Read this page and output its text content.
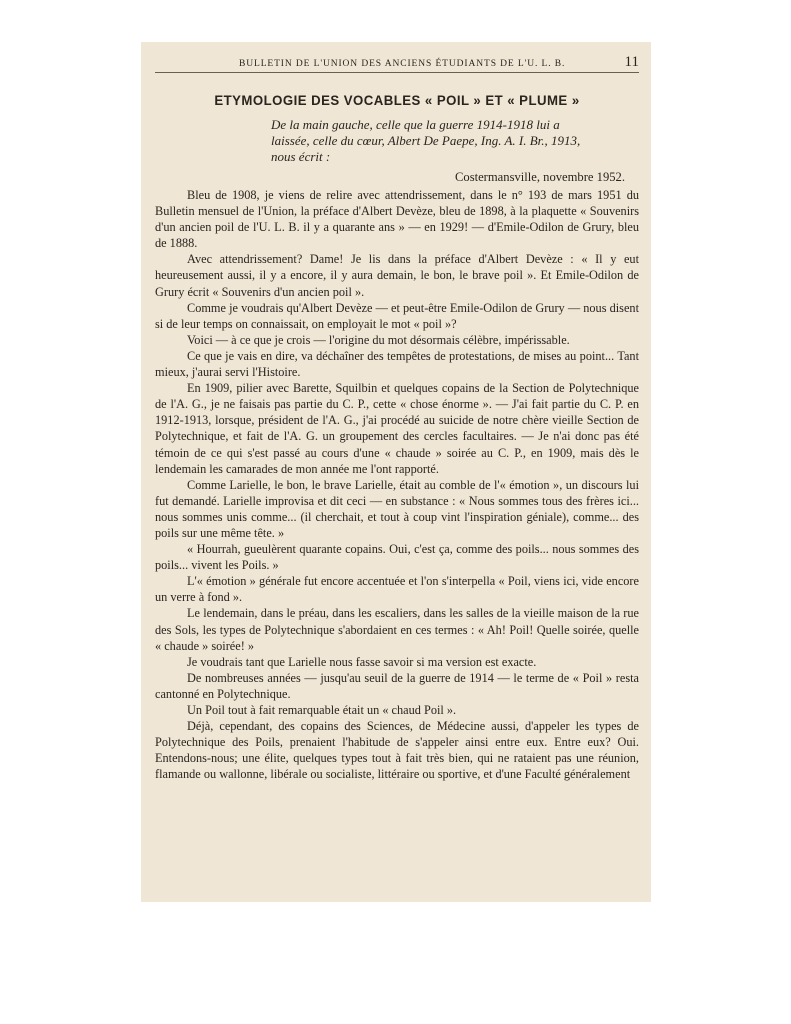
BULLETIN DE L'UNION DES ANCIENS ÉTUDIANTS DE L'U. L. B.	11
ETYMOLOGIE DES VOCABLES « POIL » ET « PLUME »
De la main gauche, celle que la guerre 1914-1918 lui a
laissée, celle du cœur, Albert De Paepe, Ing. A. I. Br., 1913,
nous écrit :
Costermansville, novembre 1952.

Bleu de 1908, je viens de relire avec attendrissement, dans le n° 193 de mars 1951 du Bulletin mensuel de l'Union, la préface d'Albert Devèze, bleu de 1898, à la plaquette « Souvenirs d'un ancien poil de l'U. L. B. il y a quarante ans » — en 1929! — d'Emile-Odilon de Grury, bleu de 1888.

Avec attendrissement? Dame! Je lis dans la préface d'Albert Devèze : « Il y eut heureusement aussi, il y a encore, il y aura demain, le bon, le brave poil ». Et Emile-Odilon de Grury écrit « Souvenirs d'un ancien poil ».

Comme je voudrais qu'Albert Devèze — et peut-être Emile-Odilon de Grury — nous disent si de leur temps on connaissait, on employait le mot « poil »?

Voici — à ce que je crois — l'origine du mot désormais célèbre, impérissable.

Ce que je vais en dire, va déchaîner des tempêtes de protestations, de mises au point... Tant mieux, j'aurai servi l'Histoire.

En 1909, pilier avec Barette, Squilbin et quelques copains de la Section de Polytechnique de l'A. G., je ne faisais pas partie du C. P., cette « chose énorme ». — J'ai fait partie du C. P. en 1912-1913, lorsque, président de l'A. G., j'ai procédé au suicide de notre chère vieille Section de Polytechnique, et fait de l'A. G. un groupement des cercles facultaires. — Je n'ai donc pas été témoin de ce qui s'est passé au cours d'une « chaude » soirée au C. P., en 1909, mais dès le lendemain les camarades de mon année me l'ont rapporté.

Comme Larielle, le bon, le brave Larielle, était au comble de l'« émotion », un discours lui fut demandé. Larielle improvisa et dit ceci — en substance : « Nous sommes tous des frères ici... nous sommes unis comme... (il cherchait, et tout à coup vint l'inspiration géniale), comme... des poils sur une même tête. »

« Hourrah, gueulèrent quarante copains. Oui, c'est ça, comme des poils... nous sommes des poils... vivent les Poils. »

L'« émotion » générale fut encore accentuée et l'on s'interpella « Poil, viens ici, vide encore un verre à fond ».

Le lendemain, dans le préau, dans les escaliers, dans les salles de la vieille maison de la rue des Sols, les types de Polytechnique s'abordaient en ces termes : « Ah! Poil! Quelle soirée, quelle « chaude » soirée! »

Je voudrais tant que Larielle nous fasse savoir si ma version est exacte.

De nombreuses années — jusqu'au seuil de la guerre de 1914 — le terme de « Poil » resta cantonné en Polytechnique.

Un Poil tout à fait remarquable était un « chaud Poil ».

Déjà, cependant, des copains des Sciences, de Médecine aussi, d'appeler les types de Polytechnique des Poils, prenaient l'habitude de s'appeler ainsi entre eux. Entre eux? Oui. Entendons-nous; une élite, quelques types tout à fait très bien, qui ne rataient pas une réunion, flamande ou wallonne, libérale ou socialiste, littéraire ou sportive, et d'une Faculté généralement
